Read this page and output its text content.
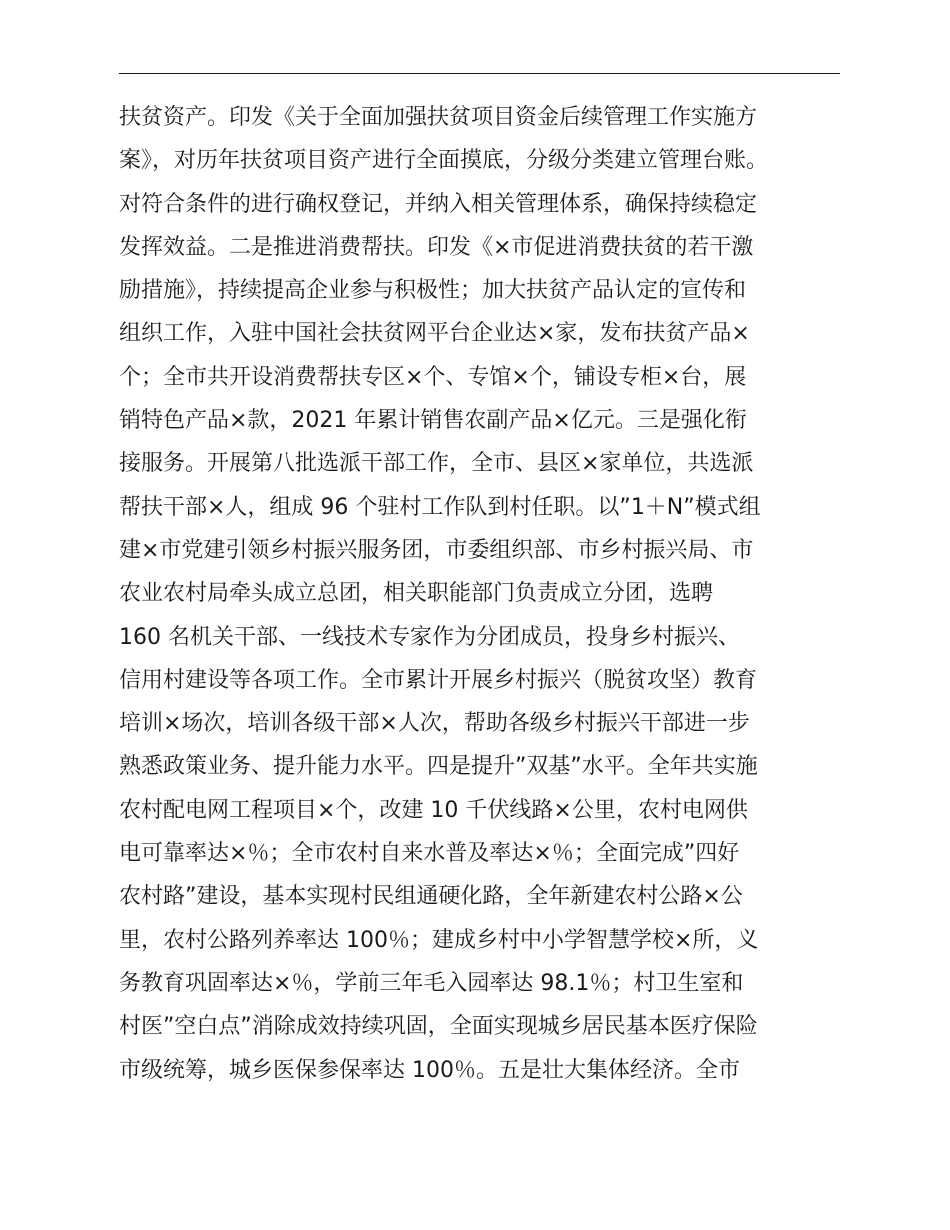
扶贫资产。印发《关于全面加强扶贫项目资金后续管理工作实施方
案》，对历年扶贫项目资产进行全面摸底，分级分类建立管理台账。
对符合条件的进行确权登记，并纳入相关管理体系，确保持续稳定
发挥效益。二是推进消费帮扶。印发《×市促进消费扶贫的若干激
励措施》，持续提高企业参与积极性；加大扶贫产品认定的宣传和
组织工作，入驻中国社会扶贫网平台企业达×家，发布扶贫产品×
个；全市共开设消费帮扶专区×个、专馆×个，铺设专柜×台，展
销特色产品×款，2021 年累计销售农副产品×亿元。三是强化衔
接服务。开展第八批选派干部工作，全市、县区×家单位，共选派
帮扶干部×人，组成 96 个驻村工作队到村任职。以”1＋N”模式组
建×市党建引领乡村振兴服务团，市委组织部、市乡村振兴局、市
农业农村局牵头成立总团，相关职能部门负责成立分团，选聘
160 名机关干部、一线技术专家作为分团成员，投身乡村振兴、
信用村建设等各项工作。全市累计开展乡村振兴（脱贫攻坚）教育
培训×场次，培训各级干部×人次，帮助各级乡村振兴干部进一步
熟悉政策业务、提升能力水平。四是提升”双基”水平。全年共实施
农村配电网工程项目×个，改建 10 千伏线路×公里，农村电网供
电可靠率达×％；全市农村自来水普及率达×％；全面完成”四好
农村路”建设，基本实现村民组通硬化路，全年新建农村公路×公
里，农村公路列养率达 100％；建成乡村中小学智慧学校×所，义
务教育巩固率达×％，学前三年毛入园率达 98.1％；村卫生室和
村医”空白点”消除成效持续巩固，全面实现城乡居民基本医疗保险
市级统筹，城乡医保参保率达 100％。五是壮大集体经济。全市
